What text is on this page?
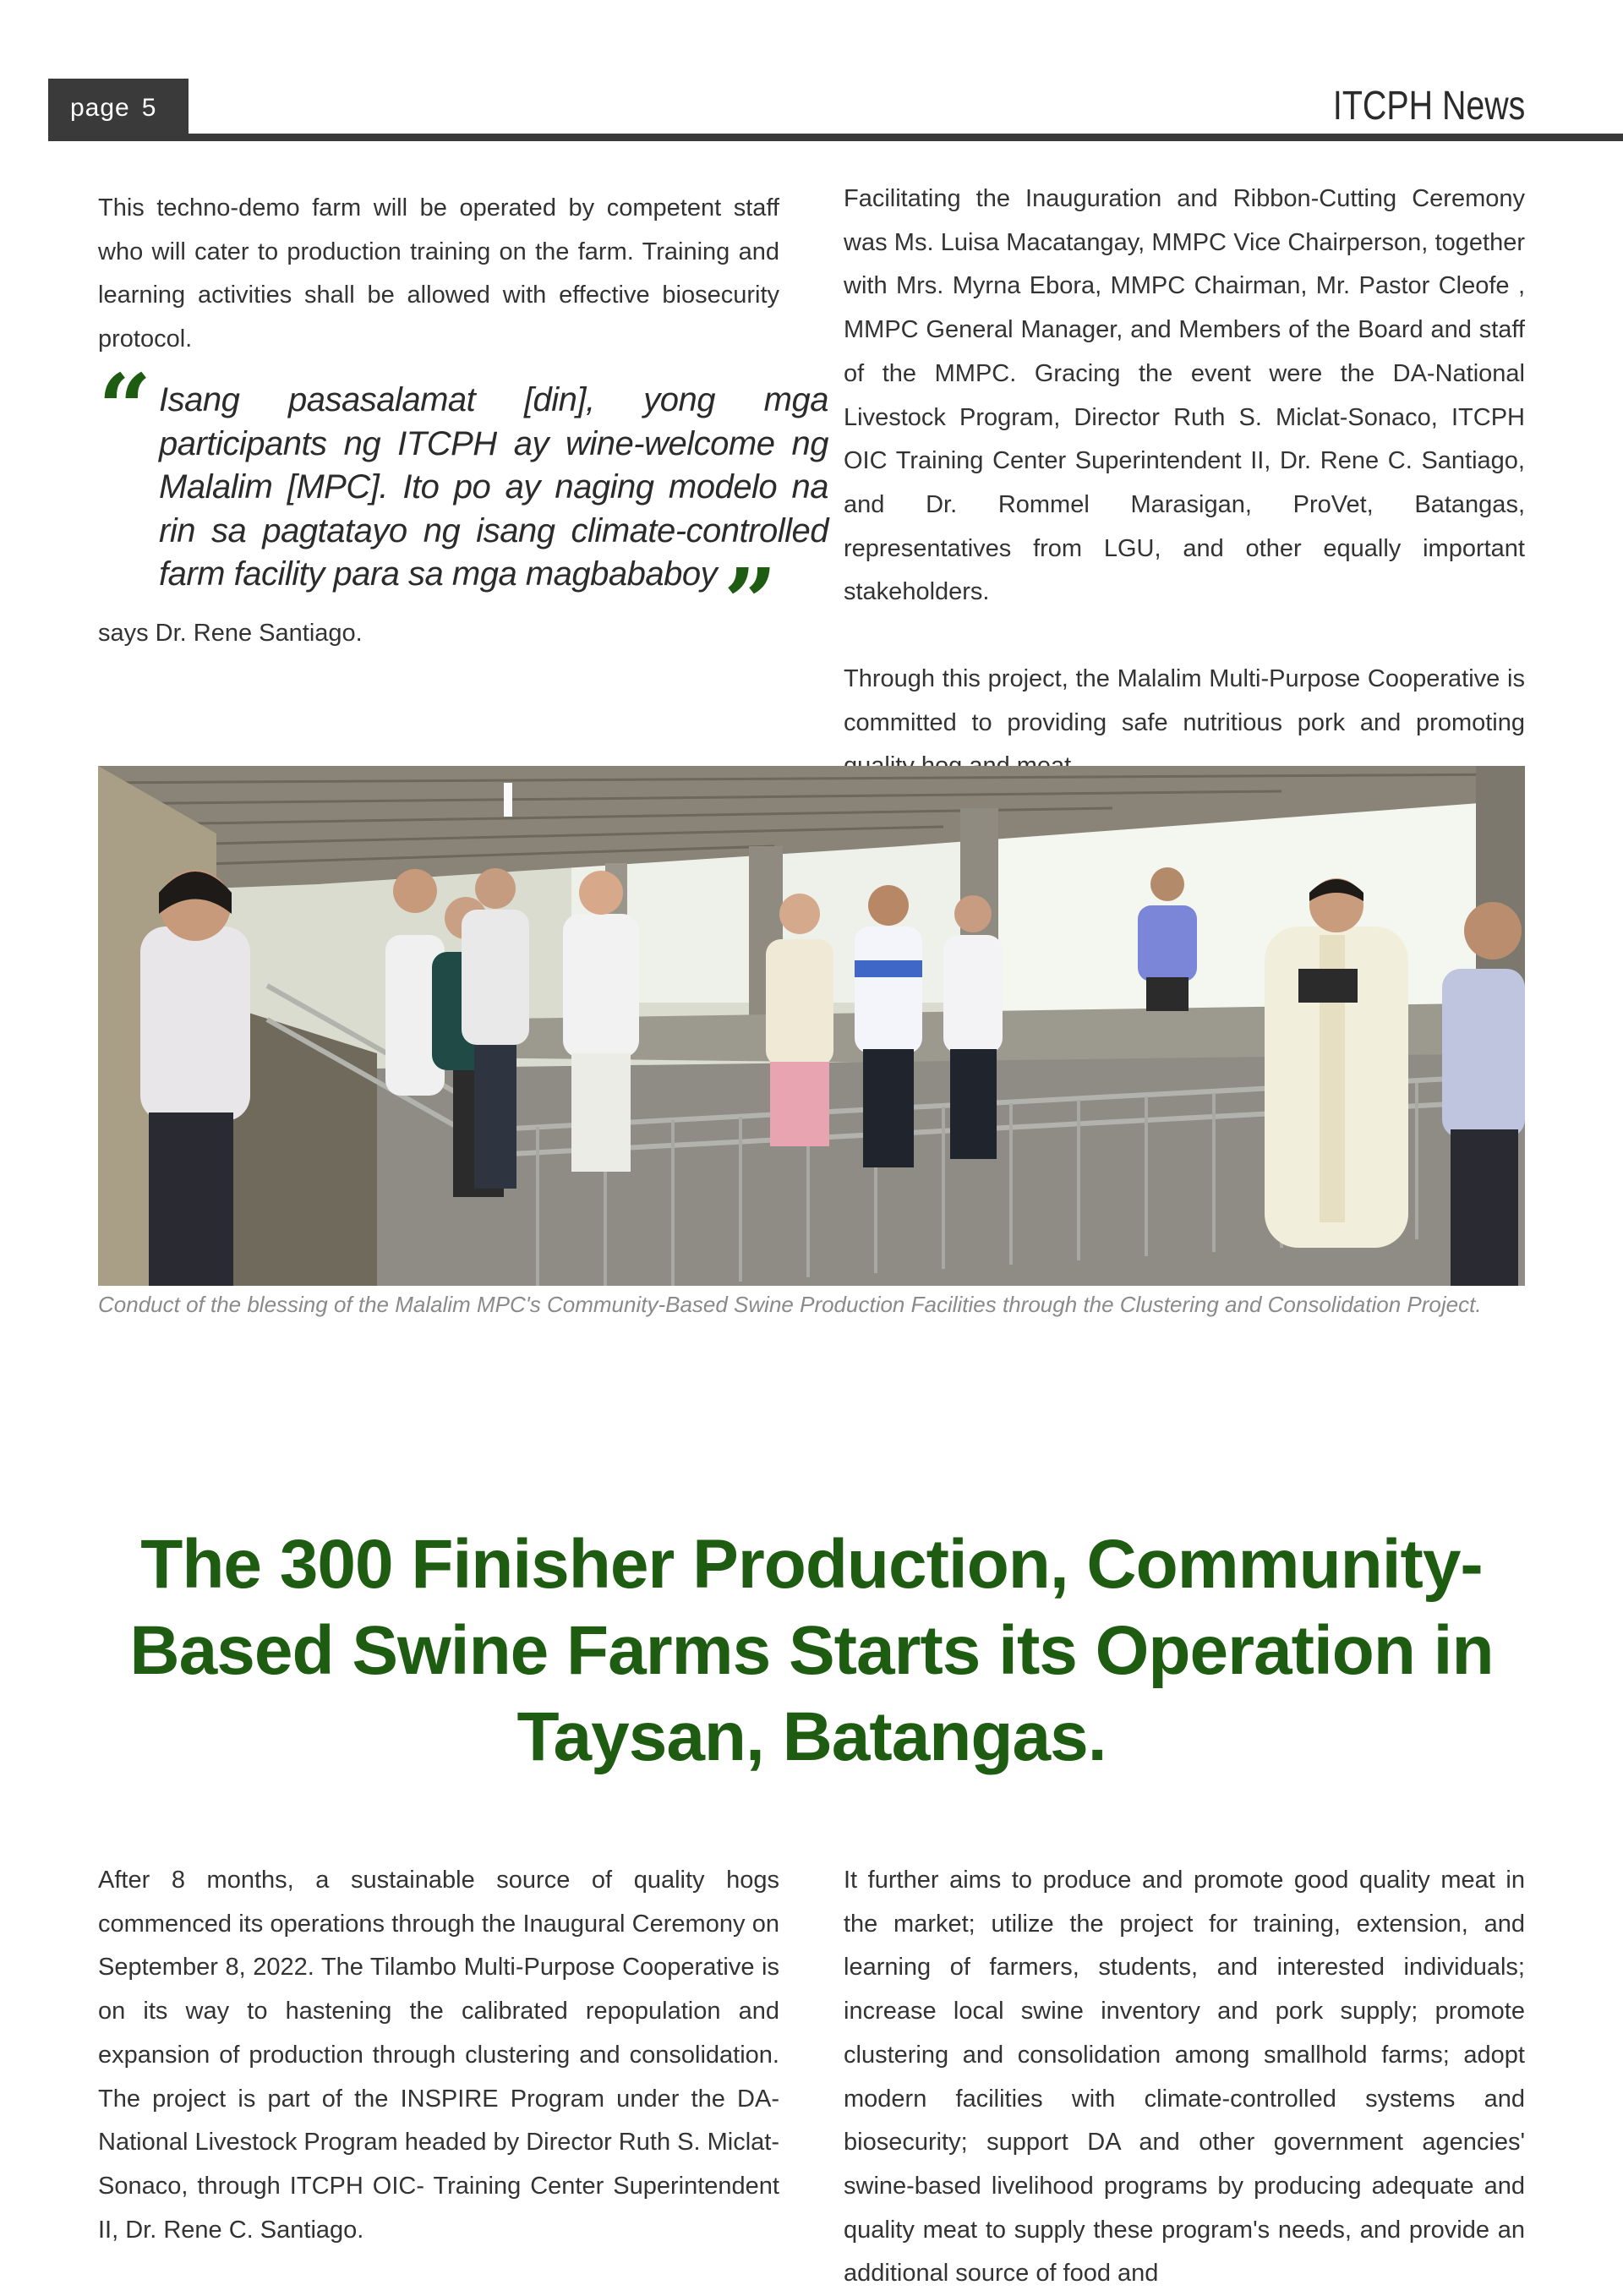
page 5	ITCPH News

This techno-demo farm will be operated by competent staff who will cater to production training on the farm. Training and learning activities shall be allowed with effective biosecurity protocol.

“ Isang pasasalamat [din], yong mga participants ng ITCPH ay wine-welcome ng Malalim [MPC]. Ito po ay naging modelo na rin sa pagtatayo ng isang climate-controlled farm facility para sa mga magbababoy ”
says Dr. Rene Santiago.

Facilitating the Inauguration and Ribbon-Cutting Ceremony was Ms. Luisa Macatangay, MMPC Vice Chairperson, together with Mrs. Myrna Ebora, MMPC Chairman, Mr. Pastor Cleofe , MMPC General Manager, and Members of the Board and staff of the MMPC. Gracing the event were the DA-National Livestock Program, Director Ruth S. Miclat-Sonaco, ITCPH OIC Training Center Superintendent II, Dr. Rene C. Santiago, and Dr. Rommel Marasigan, ProVet, Batangas, representatives from LGU, and other equally important stakeholders.

Through this project, the Malalim Multi-Purpose Cooperative is committed to providing safe nutritious pork and promoting

Conduct of the blessing of the Malalim MPC's Community-Based Swine Production Facilities through the Clustering and Consolidation Project.
The 300 Finisher Production, Community-Based Swine Farms Starts its Operation in Taysan, Batangas.

After 8 months, a sustainable source of quality hogs commenced its operations through the Inaugural Ceremony on September 8, 2022. The Tilambo Multi-Purpose Cooperative is on its way to hastening the calibrated repopulation and expansion of production through clustering and consolidation. The project is part of the INSPIRE Program under the DA-National Livestock Program headed by Director Ruth S. Miclat-Sonaco, through ITCPH OIC- Training Center Superintendent II, Dr. Rene C. Santiago.

It further aims to produce and promote good quality meat in the market; utilize the project for training, extension, and learning of farmers, students, and interested individuals; increase local swine inventory and pork supply; promote clustering and consolidation among smallhold farms; adopt modern facilities with climate-controlled systems and biosecurity; support DA and other government agencies' swine-based livelihood programs by producing adequate and quality meat to supply these program's needs, and provide an additional source of food and
